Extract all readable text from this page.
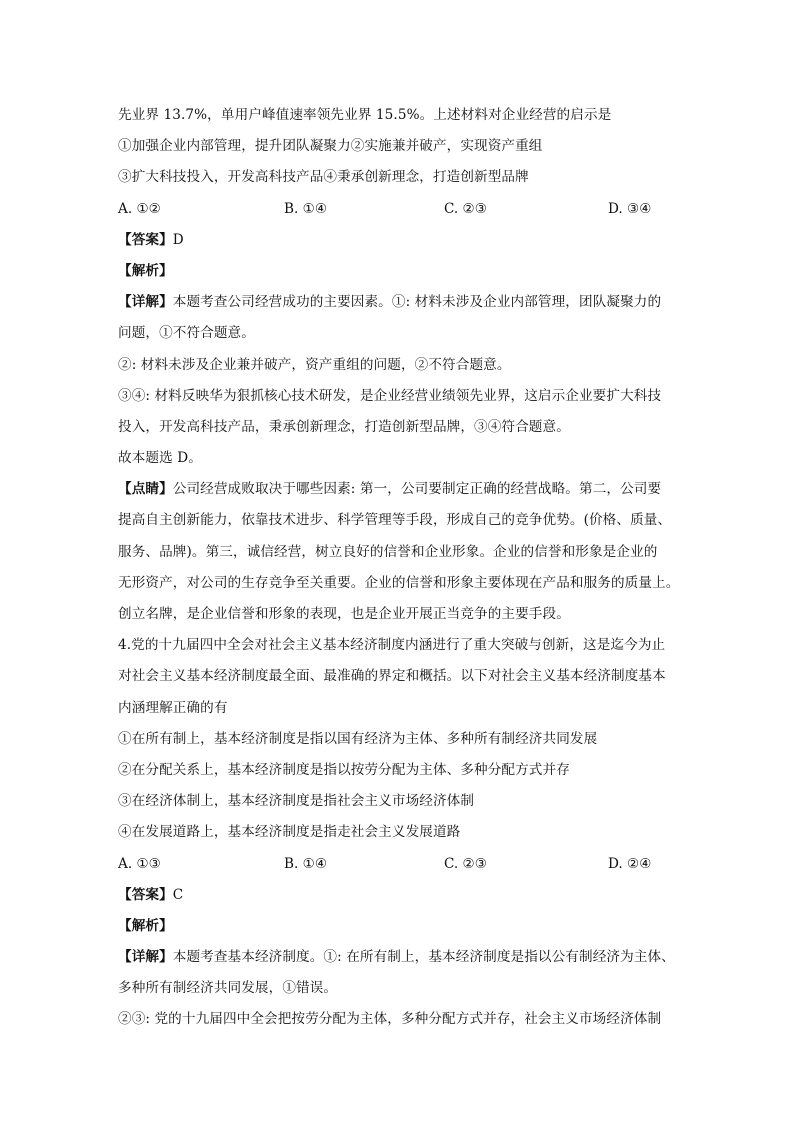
先业界 13.7%，单用户峰值速率领先业界 15.5%。上述材料对企业经营的启示是
①加强企业内部管理，提升团队凝聚力②实施兼并破产，实现资产重组
③扩大科技投入，开发高科技产品④秉承创新理念，打造创新型品牌
A. ①②	B. ①④	C. ②③	D. ③④
【答案】D
【解析】
【详解】本题考查公司经营成功的主要因素。①: 材料未涉及企业内部管理，团队凝聚力的
问题，①不符合题意。
②: 材料未涉及企业兼并破产，资产重组的问题，②不符合题意。
③④: 材料反映华为狠抓核心技术研发，是企业经营业绩领先业界，这启示企业要扩大科技
投入，开发高科技产品，秉承创新理念，打造创新型品牌，③④符合题意。
故本题选 D。
【点睛】公司经营成败取决于哪些因素: 第一，公司要制定正确的经营战略。第二，公司要
提高自主创新能力，依靠技术进步、科学管理等手段，形成自己的竞争优势。(价格、质量、
服务、品牌)。第三，诚信经营，树立良好的信誉和企业形象。企业的信誉和形象是企业的
无形资产，对公司的生存竞争至关重要。企业的信誉和形象主要体现在产品和服务的质量上。
创立名牌，是企业信誉和形象的表现，也是企业开展正当竞争的主要手段。
4.党的十九届四中全会对社会主义基本经济制度内涵进行了重大突破与创新，这是迄今为止
对社会主义基本经济制度最全面、最准确的界定和概括。以下对社会主义基本经济制度基本
内涵理解正确的有
①在所有制上，基本经济制度是指以国有经济为主体、多种所有制经济共同发展
②在分配关系上，基本经济制度是指以按劳分配为主体、多种分配方式并存
③在经济体制上，基本经济制度是指社会主义市场经济体制
④在发展道路上，基本经济制度是指走社会主义发展道路
A. ①③	B. ①④	C. ②③	D. ②④
【答案】C
【解析】
【详解】本题考查基本经济制度。①: 在所有制上，基本经济制度是指以公有制经济为主体、
多种所有制经济共同发展，①错误。
②③: 党的十九届四中全会把按劳分配为主体，多种分配方式并存，社会主义市场经济体制
